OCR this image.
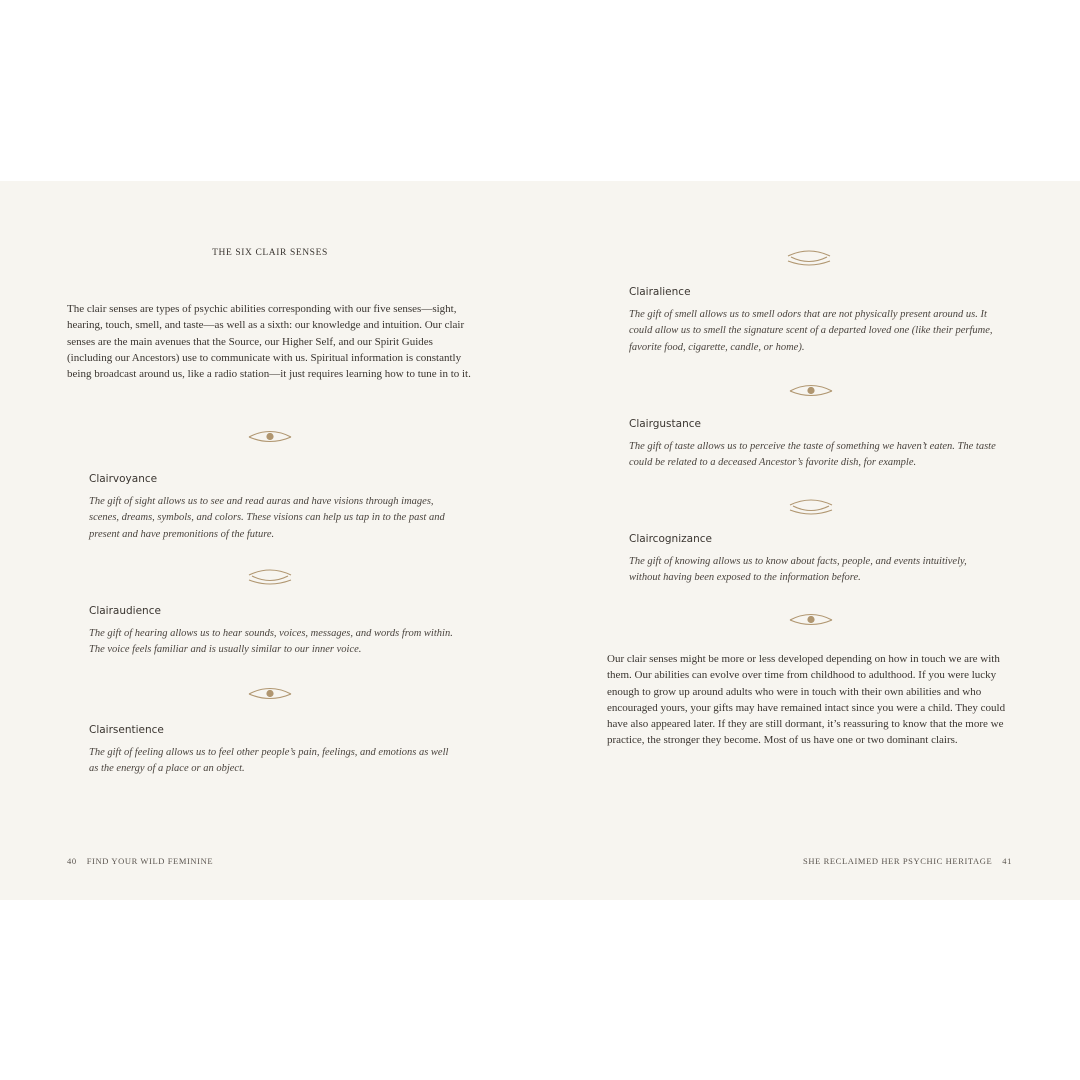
THE SIX CLAIR SENSES
The clair senses are types of psychic abilities corresponding with our five senses—sight, hearing, touch, smell, and taste—as well as a sixth: our knowledge and intuition. Our clair senses are the main avenues that the Source, our Higher Self, and our Spirit Guides (including our Ancestors) use to communicate with us. Spiritual information is constantly being broadcast around us, like a radio station—it just requires learning how to tune in to it.

Clairvoyance

The gift of sight allows us to see and read auras and have visions through images, scenes, dreams, symbols, and colors. These visions can help us tap in to the past and present and have premonitions of the future.

Clairaudience

The gift of hearing allows us to hear sounds, voices, messages, and words from within. The voice feels familiar and is usually similar to our inner voice.

Clairsentience

The gift of feeling allows us to feel other people’s pain, feelings, and emotions as well as the energy of a place or an object.

40 FIND YOUR WILD FEMININE

Clairalience

The gift of smell allows us to smell odors that are not physically present around us. It could allow us to smell the signature scent of a departed loved one (like their perfume, favorite food, cigarette, candle, or home).

Clairgustance

The gift of taste allows us to perceive the taste of something we haven’t eaten. The taste could be related to a deceased Ancestor’s favorite dish, for example.

Claircognizance

The gift of knowing allows us to know about facts, people, and events intuitively, without having been exposed to the information before.

Our clair senses might be more or less developed depending on how in touch we are with them. Our abilities can evolve over time from childhood to adulthood. If you were lucky enough to grow up around adults who were in touch with their own abilities and who encouraged yours, your gifts may have remained intact since you were a child. They could have also appeared later. If they are still dormant, it’s reassuring to know that the more we practice, the stronger they become. Most of us have one or two dominant clairs.
SHE RECLAIMED HER PSYCHIC HERITAGE 41
